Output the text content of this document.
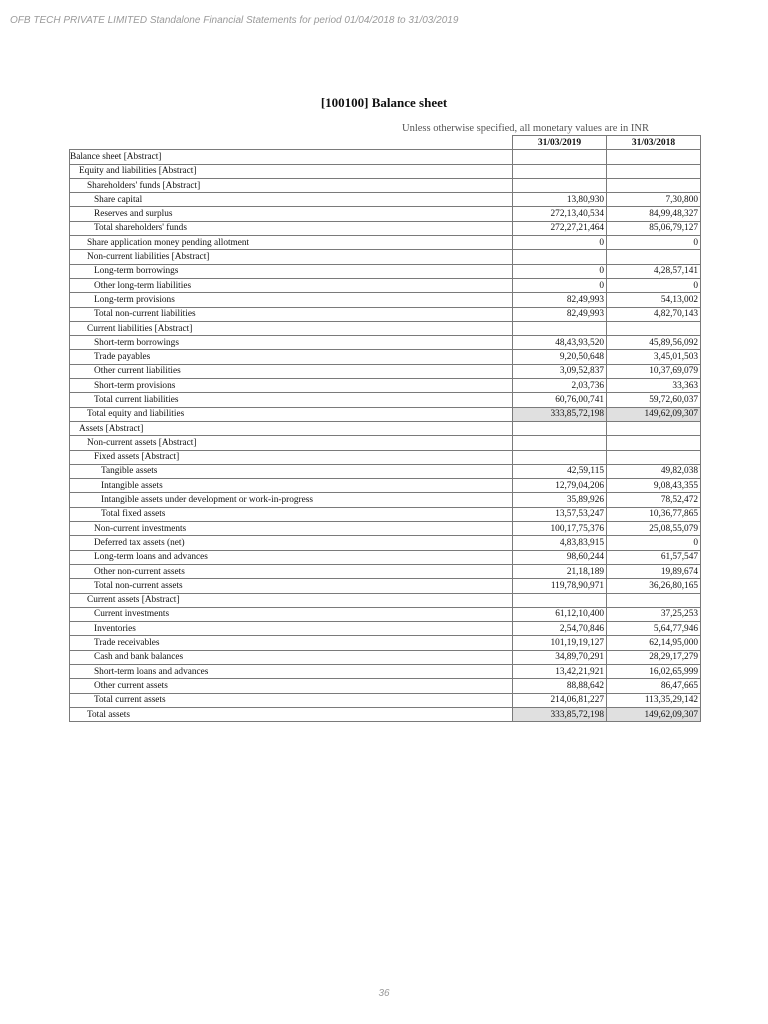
OFB TECH PRIVATE LIMITED Standalone Financial Statements for period 01/04/2018 to 31/03/2019
[100100] Balance sheet
Unless otherwise specified, all monetary values are in INR
	31/03/2019	31/03/2018
Balance sheet [Abstract]		
Equity and liabilities [Abstract]		
Shareholders' funds [Abstract]		
Share capital	13,80,930	7,30,800
Reserves and surplus	272,13,40,534	84,99,48,327
Total shareholders' funds	272,27,21,464	85,06,79,127
Share application money pending allotment	0	0
Non-current liabilities [Abstract]		
Long-term borrowings	0	4,28,57,141
Other long-term liabilities	0	0
Long-term provisions	82,49,993	54,13,002
Total non-current liabilities	82,49,993	4,82,70,143
Current liabilities [Abstract]		
Short-term borrowings	48,43,93,520	45,89,56,092
Trade payables	9,20,50,648	3,45,01,503
Other current liabilities	3,09,52,837	10,37,69,079
Short-term provisions	2,03,736	33,363
Total current liabilities	60,76,00,741	59,72,60,037
Total equity and liabilities	333,85,72,198	149,62,09,307
Assets [Abstract]		
Non-current assets [Abstract]		
Fixed assets [Abstract]		
Tangible assets	42,59,115	49,82,038
Intangible assets	12,79,04,206	9,08,43,355
Intangible assets under development or work-in-progress	35,89,926	78,52,472
Total fixed assets	13,57,53,247	10,36,77,865
Non-current investments	100,17,75,376	25,08,55,079
Deferred tax assets (net)	4,83,83,915	0
Long-term loans and advances	98,60,244	61,57,547
Other non-current assets	21,18,189	19,89,674
Total non-current assets	119,78,90,971	36,26,80,165
Current assets [Abstract]		
Current investments	61,12,10,400	37,25,253
Inventories	2,54,70,846	5,64,77,946
Trade receivables	101,19,19,127	62,14,95,000
Cash and bank balances	34,89,70,291	28,29,17,279
Short-term loans and advances	13,42,21,921	16,02,65,999
Other current assets	88,88,642	86,47,665
Total current assets	214,06,81,227	113,35,29,142
Total assets	333,85,72,198	149,62,09,307
36
